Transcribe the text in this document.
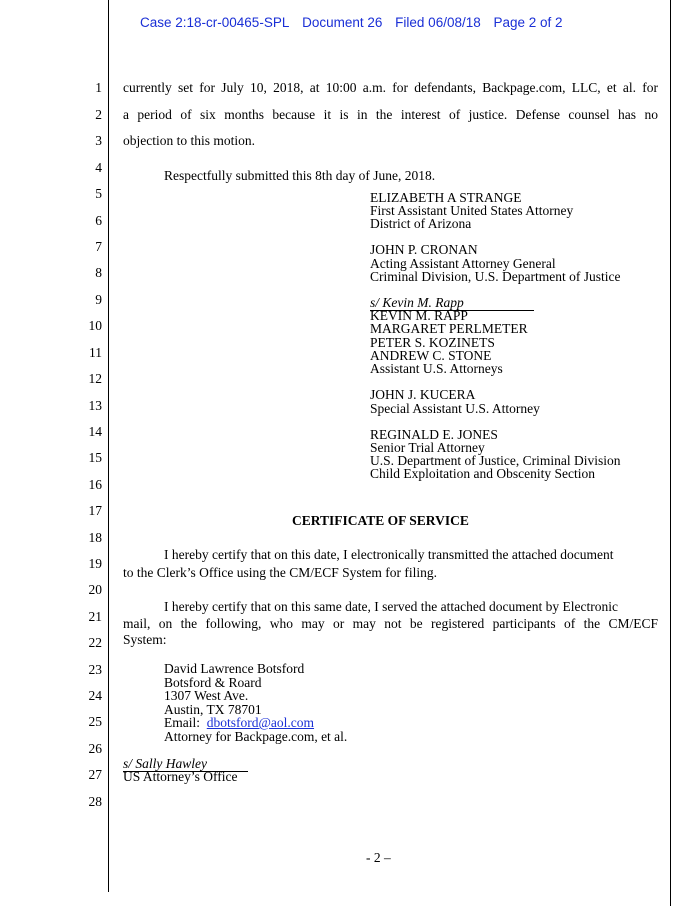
Case 2:18-cr-00465-SPL Document 26 Filed 06/08/18 Page 2 of 2
1
2
3
4
5
6
7
8
9
10
11
12
13
14
15
16
17
18
19
20
21
22
23
24
25
26
27
28
currently set for July 10, 2018, at 10:00 a.m. for defendants, Backpage.com, LLC, et al. for
a period of six months because it is in the interest of justice. Defense counsel has no
objection to this motion.
Respectfully submitted this 8th day of June, 2018.
ELIZABETH A STRANGE
First Assistant United States Attorney
District of Arizona
JOHN P. CRONAN
Acting Assistant Attorney General
Criminal Division, U.S. Department of Justice
s/ Kevin M. Rapp
KEVIN M. RAPP
MARGARET PERLMETER
PETER S. KOZINETS
ANDREW C. STONE
Assistant U.S. Attorneys
JOHN J. KUCERA
Special Assistant U.S. Attorney
REGINALD E. JONES
Senior Trial Attorney
U.S. Department of Justice, Criminal Division
Child Exploitation and Obscenity Section
CERTIFICATE OF SERVICE
I hereby certify that on this date, I electronically transmitted the attached document
to the Clerk’s Office using the CM/ECF System for filing.
I hereby certify that on this same date, I served the attached document by Electronic
mail, on the following, who may or may not be registered participants of the CM/ECF
System:
David Lawrence Botsford
Botsford & Roard
1307 West Ave.
Austin, TX 78701
Email: dbotsford@aol.com
Attorney for Backpage.com, et al.
s/ Sally Hawley
US Attorney’s Office
- 2 –
